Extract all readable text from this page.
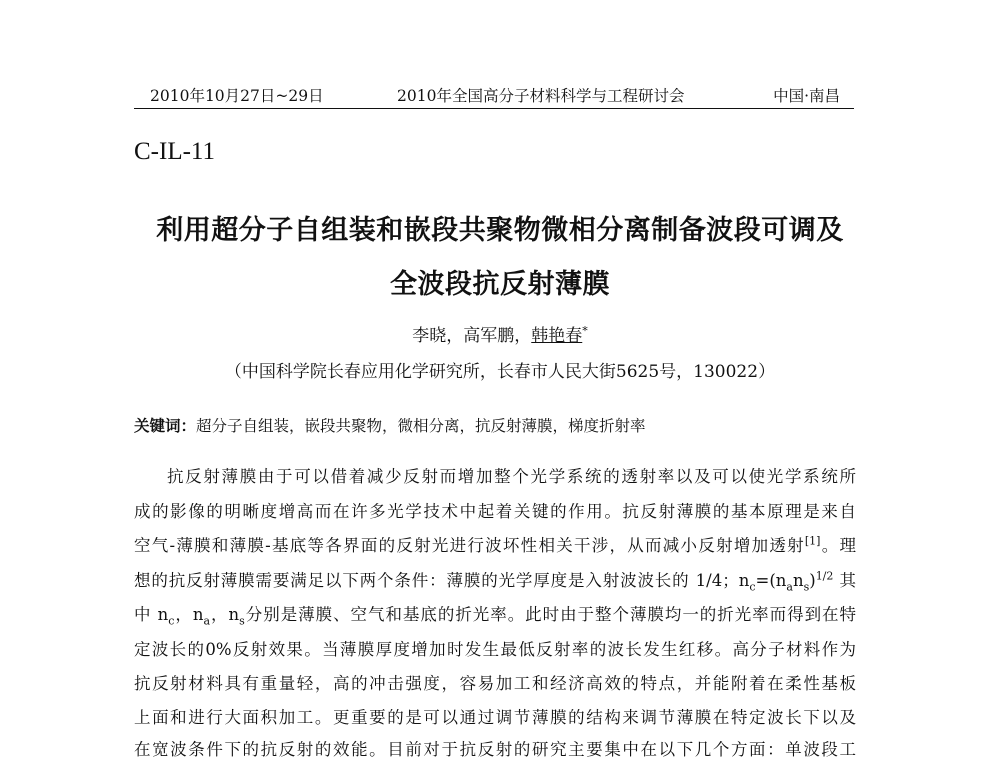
2010年10月27日~29日	2010年全国高分子材料科学与工程研讨会	中国·南昌
C-IL-11
利用超分子自组装和嵌段共聚物微相分离制备波段可调及
全波段抗反射薄膜
李晓，高军鹏，韩艳春*
（中国科学院长春应用化学研究所，长春市人民大街5625号，130022）
关键词：超分子自组装，嵌段共聚物，微相分离，抗反射薄膜，梯度折射率
抗反射薄膜由于可以借着减少反射而增加整个光学系统的透射率以及可以使光学系统所
成的影像的明晰度增高而在许多光学技术中起着关键的作用。抗反射薄膜的基本原理是来自
空气-薄膜和薄膜-基底等各界面的反射光进行波坏性相关干涉，从而减小反射增加透射[1]。理
想的抗反射薄膜需要满足以下两个条件：薄膜的光学厚度是入射波波长的 1/4；$n_c=(n_an_s)^{1/2}$ 其
中 $n_c$，$n_a$，$n_s$分别是薄膜、空气和基底的折光率。此时由于整个薄膜均一的折光率而得到在特
定波长的0%反射效果。当薄膜厚度增加时发生最低反射率的波长发生红移。高分子材料作为
抗反射材料具有重量轻，高的冲击强度，容易加工和经济高效的特点，并能附着在柔性基板
上面和进行大面积加工。更重要的是可以通过调节薄膜的结构来调节薄膜在特定波长下以及
在宽波条件下的抗反射的效能。目前对于抗反射的研究主要集中在以下几个方面：单波段工
